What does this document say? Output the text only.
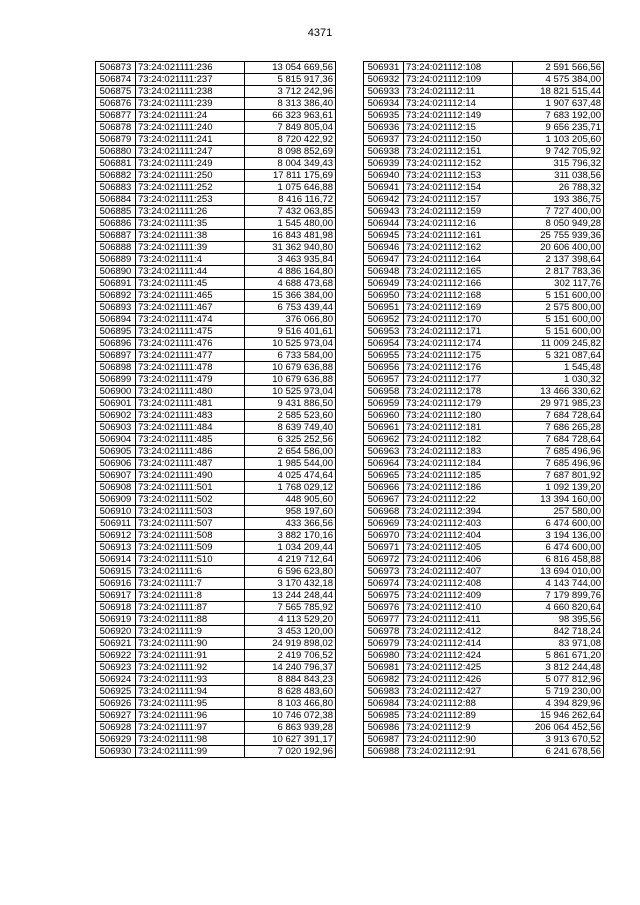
4371
506873	73:24:021111:236	13 054 669,56
506874	73:24:021111:237	5 815 917,36
506875	73:24:021111:238	3 712 242,96
506876	73:24:021111:239	8 313 386,40
506877	73:24:021111:24	66 323 963,61
506878	73:24:021111:240	7 849 805,04
506879	73:24:021111:241	8 720 422,92
506880	73:24:021111:247	8 098 852,69
506881	73:24:021111:249	8 004 349,43
506882	73:24:021111:250	17 811 175,69
506883	73:24:021111:252	1 075 646,88
506884	73:24:021111:253	8 416 116,72
506885	73:24:021111:26	7 432 063,85
506886	73:24:021111:35	1 545 480,00
506887	73:24:021111:38	16 843 481,98
506888	73:24:021111:39	31 362 940,80
506889	73:24:021111:4	3 463 935,84
506890	73:24:021111:44	4 886 164,80
506891	73:24:021111:45	4 688 473,68
506892	73:24:021111:465	15 366 384,00
506893	73:24:021111:467	6 753 439,44
506894	73:24:021111:474	376 066,80
506895	73:24:021111:475	9 516 401,61
506896	73:24:021111:476	10 525 973,04
506897	73:24:021111:477	6 733 584,00
506898	73:24:021111:478	10 679 636,88
506899	73:24:021111:479	10 679 636,88
506900	73:24:021111:480	10 525 973,04
506901	73:24:021111:481	9 431 886,50
506902	73:24:021111:483	2 585 523,60
506903	73:24:021111:484	8 639 749,40
506904	73:24:021111:485	6 325 252,56
506905	73:24:021111:486	2 654 586,00
506906	73:24:021111:487	1 985 544,00
506907	73:24:021111:490	4 025 474,64
506908	73:24:021111:501	1 768 029,12
506909	73:24:021111:502	448 905,60
506910	73:24:021111:503	958 197,60
506911	73:24:021111:507	433 366,56
506912	73:24:021111:508	3 882 170,16
506913	73:24:021111:509	1 034 209,44
506914	73:24:021111:510	4 219 712,64
506915	73:24:021111:6	6 596 623,80
506916	73:24:021111:7	3 170 432,18
506917	73:24:021111:8	13 244 248,44
506918	73:24:021111:87	7 565 785,92
506919	73:24:021111:88	4 113 529,20
506920	73:24:021111:9	3 453 120,00
506921	73:24:021111:90	24 919 898,02
506922	73:24:021111:91	2 419 706,52
506923	73:24:021111:92	14 240 796,37
506924	73:24:021111:93	8 884 843,23
506925	73:24:021111:94	8 628 483,60
506926	73:24:021111:95	8 103 466,80
506927	73:24:021111:96	10 746 072,38
506928	73:24:021111:97	6 863 939,28
506929	73:24:021111:98	10 627 391,17
506930	73:24:021111:99	7 020 192,96
506931	73:24:021112:108	2 591 566,56
506932	73:24:021112:109	4 575 384,00
506933	73:24:021112:11	18 821 515,44
506934	73:24:021112:14	1 907 637,48
506935	73:24:021112:149	7 683 192,00
506936	73:24:021112:15	9 656 235,71
506937	73:24:021112:150	1 103 205,60
506938	73:24:021112:151	9 742 705,92
506939	73:24:021112:152	315 796,32
506940	73:24:021112:153	311 038,56
506941	73:24:021112:154	26 788,32
506942	73:24:021112:157	193 386,75
506943	73:24:021112:159	7 727 400,00
506944	73:24:021112:16	8 050 949,28
506945	73:24:021112:161	25 755 939,36
506946	73:24:021112:162	20 606 400,00
506947	73:24:021112:164	2 137 398,64
506948	73:24:021112:165	2 817 783,36
506949	73:24:021112:166	302 117,76
506950	73:24:021112:168	5 151 600,00
506951	73:24:021112:169	2 575 800,00
506952	73:24:021112:170	5 151 600,00
506953	73:24:021112:171	5 151 600,00
506954	73:24:021112:174	11 009 245,82
506955	73:24:021112:175	5 321 087,64
506956	73:24:021112:176	1 545,48
506957	73:24:021112:177	1 030,32
506958	73:24:021112:178	13 466 330,62
506959	73:24:021112:179	29 971 985,23
506960	73:24:021112:180	7 684 728,64
506961	73:24:021112:181	7 686 265,28
506962	73:24:021112:182	7 684 728,64
506963	73:24:021112:183	7 685 496,96
506964	73:24:021112:184	7 685 496,96
506965	73:24:021112:185	7 687 801,92
506966	73:24:021112:186	1 092 139,20
506967	73:24:021112:22	13 394 160,00
506968	73:24:021112:394	257 580,00
506969	73:24:021112:403	6 474 600,00
506970	73:24:021112:404	3 194 136,00
506971	73:24:021112:405	6 474 600,00
506972	73:24:021112:406	6 816 458,88
506973	73:24:021112:407	13 694 010,00
506974	73:24:021112:408	4 143 744,00
506975	73:24:021112:409	7 179 899,76
506976	73:24:021112:410	4 660 820,64
506977	73:24:021112:411	98 395,56
506978	73:24:021112:412	842 718,24
506979	73:24:021112:414	83 971,08
506980	73:24:021112:424	5 861 671,20
506981	73:24:021112:425	3 812 244,48
506982	73:24:021112:426	5 077 812,96
506983	73:24:021112:427	5 719 230,00
506984	73:24:021112:88	4 394 829,96
506985	73:24:021112:89	15 946 262,64
506986	73:24:021112:9	206 064 452,56
506987	73:24:021112:90	3 913 670,52
506988	73:24:021112:91	6 241 678,56
